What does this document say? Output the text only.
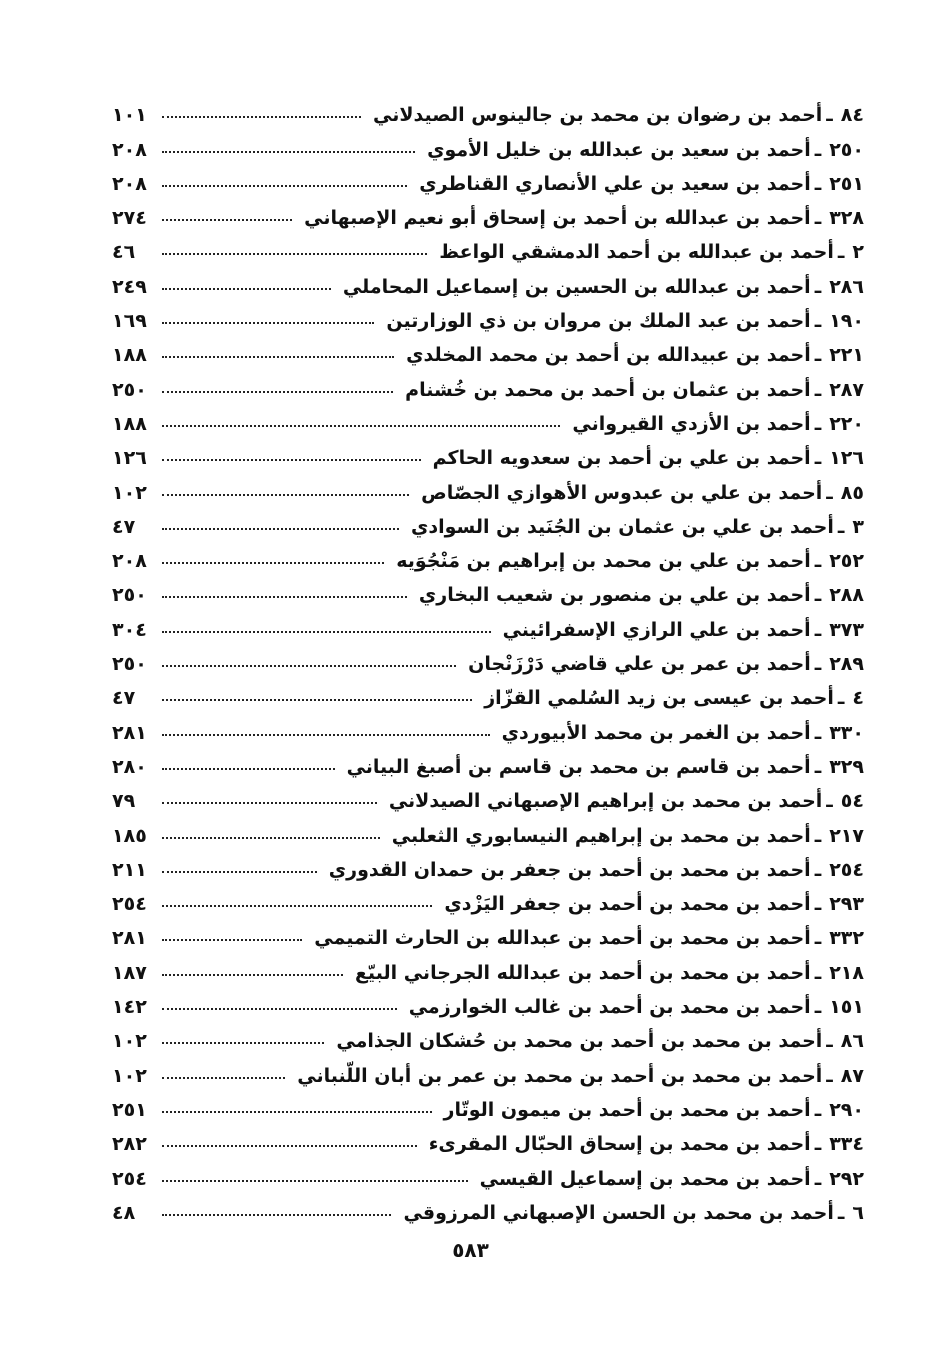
٨٤
ـ
أحمد بن رضوان بن محمد بن جالينوس الصيدلاني
١٠١
٢٥٠
ـ
أحمد بن سعيد بن عبدالله بن خليل الأموي
٢٠٨
٢٥١
ـ
أحمد بن سعيد بن علي الأنصاري القناطري
٢٠٨
٣٢٨
ـ
أحمد بن عبدالله بن أحمد بن إسحاق أبو نعيم الإصبهاني
٢٧٤
٢
ـ
أحمد بن عبدالله بن أحمد الدمشقي الواعظ
٤٦
٢٨٦
ـ
أحمد بن عبدالله بن الحسين بن إسماعيل المحاملي
٢٤٩
١٩٠
ـ
أحمد بن عبد الملك بن مروان بن ذي الوزارتين
١٦٩
٢٢١
ـ
أحمد بن عبيدالله بن أحمد بن محمد المخلدي
١٨٨
٢٨٧
ـ
أحمد بن عثمان بن أحمد بن محمد بن خُشنام
٢٥٠
٢٢٠
ـ
أحمد بن الأزدي القيرواني
١٨٨
١٢٦
ـ
أحمد بن علي بن أحمد بن سعدويه الحاكم
١٢٦
٨٥
ـ
أحمد بن علي بن عبدوس الأهوازي الجصّاص
١٠٢
٣
ـ
أحمد بن علي بن عثمان بن الجُنَيد بن السوادي
٤٧
٢٥٢
ـ
أحمد بن علي بن محمد بن إبراهيم بن مَنْجُوَيه
٢٠٨
٢٨٨
ـ
أحمد بن علي بن منصور بن شعيب البخاري
٢٥٠
٣٧٣
ـ
أحمد بن علي الرازي الإسفرائيني
٣٠٤
٢٨٩
ـ
أحمد بن عمر بن علي قاضي دَرْزَنْجان
٢٥٠
٤
ـ
أحمد بن عيسى بن زيد السُلمي القزّاز
٤٧
٣٣٠
ـ
أحمد بن الغمر بن محمد الأبيوردي
٢٨١
٣٢٩
ـ
أحمد بن قاسم بن محمد بن قاسم بن أصبغ البياني
٢٨٠
٥٤
ـ
أحمد بن محمد بن إبراهيم الإصبهاني الصيدلاني
٧٩
٢١٧
ـ
أحمد بن محمد بن إبراهيم النيسابوري الثعلبي
١٨٥
٢٥٤
ـ
أحمد بن محمد بن أحمد بن جعفر بن حمدان القدوري
٢١١
٢٩٣
ـ
أحمد بن محمد بن أحمد بن جعفر اليَزْدي
٢٥٤
٣٣٢
ـ
أحمد بن محمد بن أحمد بن عبدالله بن الحارث التميمي
٢٨١
٢١٨
ـ
أحمد بن محمد بن أحمد بن عبدالله الجرجاني البيّع
١٨٧
١٥١
ـ
أحمد بن محمد بن أحمد بن غالب الخوارزمي
١٤٢
٨٦
ـ
أحمد بن محمد بن أحمد بن محمد بن حُشكان الجذامي
١٠٢
٨٧
ـ
أحمد بن محمد بن أحمد بن محمد بن عمر بن أبان اللّنباني
١٠٢
٢٩٠
ـ
أحمد بن محمد بن أحمد بن ميمون الوتّار
٢٥١
٣٣٤
ـ
أحمد بن محمد بن إسحاق الحبّال المقرىء
٢٨٢
٢٩٢
ـ
أحمد بن محمد بن إسماعيل القيسي
٢٥٤
٦
ـ
أحمد بن محمد بن الحسن الإصبهاني المرزوقي
٤٨
٥٨٣
